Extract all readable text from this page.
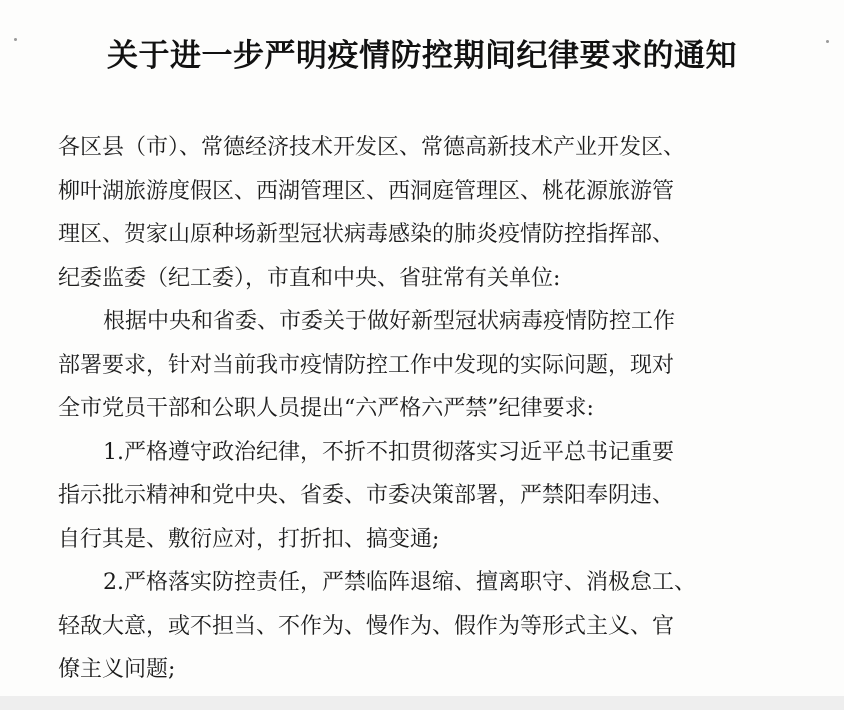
关于进一步严明疫情防控期间纪律要求的通知
各区县（市）、常德经济技术开发区、常德高新技术产业开发区、
柳叶湖旅游度假区、西湖管理区、西洞庭管理区、桃花源旅游管
理区、贺家山原种场新型冠状病毒感染的肺炎疫情防控指挥部、
纪委监委（纪工委），市直和中央、省驻常有关单位:
根据中央和省委、市委关于做好新型冠状病毒疫情防控工作
部署要求，针对当前我市疫情防控工作中发现的实际问题，现对
全市党员干部和公职人员提出“六严格六严禁”纪律要求:
1.严格遵守政治纪律，不折不扣贯彻落实习近平总书记重要
指示批示精神和党中央、省委、市委决策部署，严禁阳奉阴违、
自行其是、敷衍应对，打折扣、搞变通;
2.严格落实防控责任，严禁临阵退缩、擅离职守、消极怠工、
轻敌大意，或不担当、不作为、慢作为、假作为等形式主义、官
僚主义问题;
